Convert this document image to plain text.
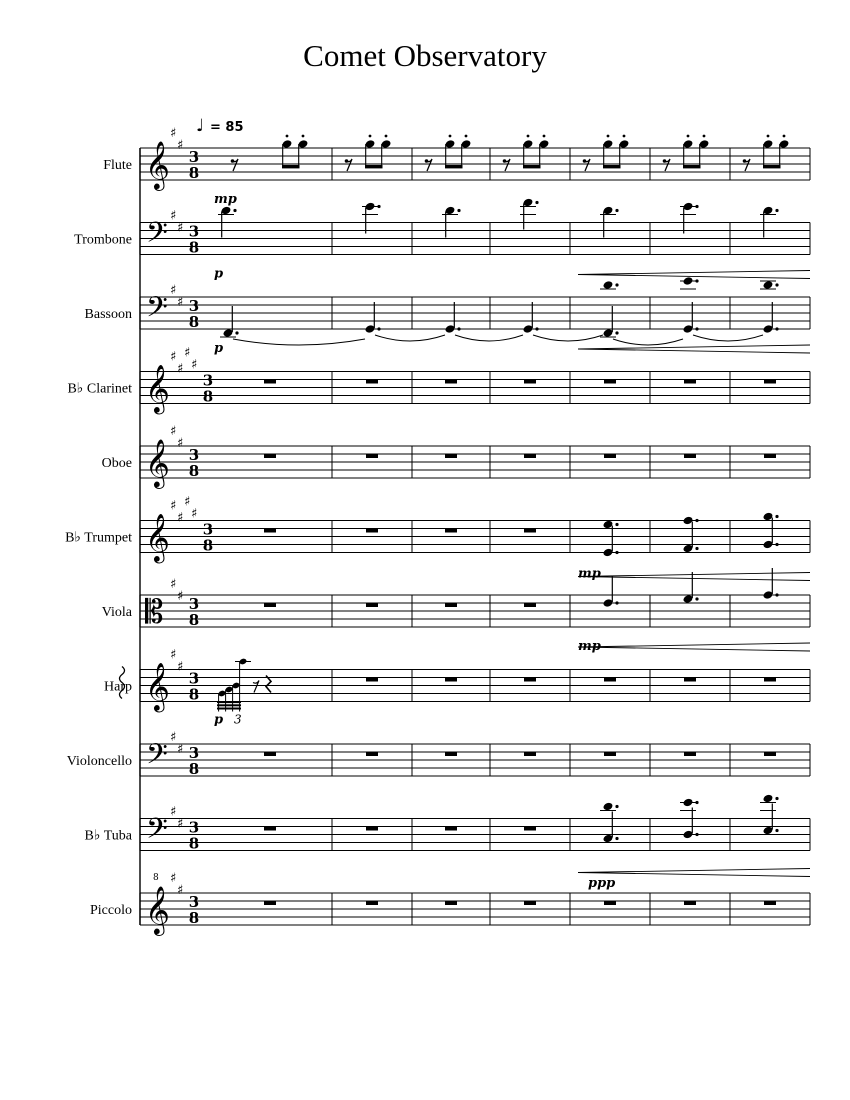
Comet Observatory
♩ = 85
Flute 𝄞
♯
♯
3
8
mp
Trombone 𝄢
♯
♯ 3
8
p
Bassoon 𝄢
♯
♯ 3
8
p
B♭ Clarinet 𝄞
♯
♯
♯
♯
3
8
Oboe 𝄞
♯
♯
3
8
B♭ Trumpet 𝄞
♯
♯
♯
♯
3
8
mp
Viola 𝄡
♯
♯ 3
8
mp
Harp 𝄞
♯
♯
3
8
3
p
Violoncello 𝄢
♯
♯ 3
8
B♭ Tuba 𝄢
♯
♯ 3
8
Piccolo 𝄞
8 ♯
♯
3
8
ppp
